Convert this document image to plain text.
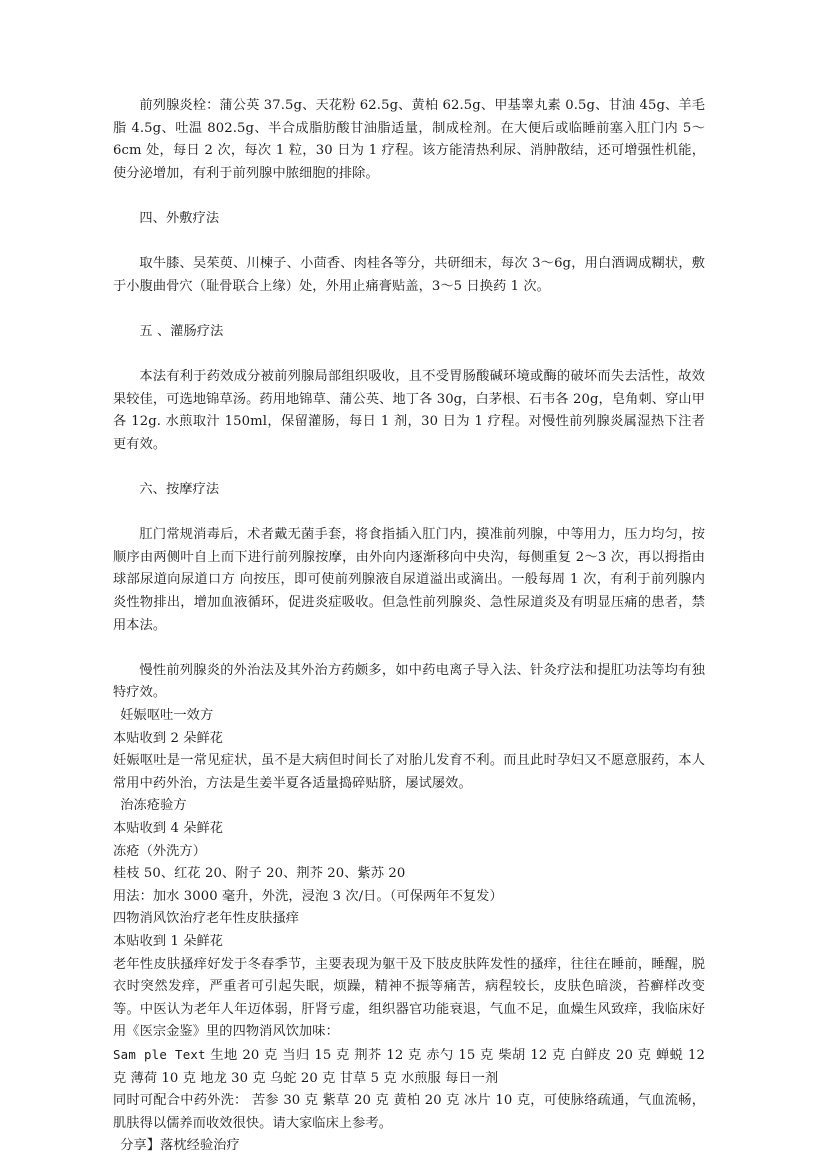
前列腺炎栓：蒲公英 37.5g、天花粉 62.5g、黄柏 62.5g、甲基睾丸素 0.5g、甘油 45g、羊毛脂 4.5g、吐温 802.5g、半合成脂肪酸甘油脂适量，制成栓剂。在大便后或临睡前塞入肛门内 5～6cm 处，每日 2 次，每次 1 粒，30 日为 1 疗程。该方能清热利尿、消肿散结，还可增强性机能，使分泌增加，有利于前列腺中脓细胞的排除。

四、外敷疗法

取牛膝、吴茱萸、川楝子、小茴香、肉桂各等分，共研细末，每次 3～6g，用白酒调成糊状，敷于小腹曲骨穴（耻骨联合上缘）处，外用止痛膏贴盖，3～5 日换药 1 次。

五 、灌肠疗法

本法有利于药效成分被前列腺局部组织吸收，且不受胃肠酸碱环境或酶的破坏而失去活性，故效果较佳，可选地锦草汤。药用地锦草、蒲公英、地丁各 30g，白茅根、石韦各 20g，皂角刺、穿山甲各 12g. 水煎取汁 150ml，保留灌肠，每日 1 剂，30 日为 1 疗程。对慢性前列腺炎属湿热下注者更有效。

六、按摩疗法

肛门常规消毒后，术者戴无菌手套，将食指插入肛门内，摸准前列腺，中等用力，压力均匀，按顺序由两侧叶自上而下进行前列腺按摩，由外向内逐渐移向中央沟，每侧重复 2～3 次，再以拇指由球部尿道向尿道口方 向按压，即可使前列腺液自尿道溢出或滴出。一般每周 1 次，有利于前列腺内炎性物排出，增加血液循环，促进炎症吸收。但急性前列腺炎、急性尿道炎及有明显压痛的患者，禁用本法。

慢性前列腺炎的外治法及其外治方药颇多，如中药电离子导入法、针灸疗法和提肛功法等均有独特疗效。

妊娠呕吐一效方

本贴收到 2 朵鲜花

妊娠呕吐是一常见症状，虽不是大病但时间长了对胎儿发育不利。而且此时孕妇又不愿意服药，本人常用中药外治，方法是生姜半夏各适量捣碎贴脐，屡试屡效。

治冻疮验方

本贴收到 4 朵鲜花

冻疮（外洗方）

桂枝 50、红花 20、附子 20、荆芥 20、紫苏 20

用法：加水 3000 毫升，外洗，浸泡 3 次/日。（可保两年不复发）

四物消风饮治疗老年性皮肤搔痒

本贴收到 1 朵鲜花

老年性皮肤搔痒好发于冬春季节，主要表现为躯干及下肢皮肤阵发性的搔痒，往往在睡前，睡醒，脱衣时突然发痒，严重者可引起失眠，烦躁，精神不振等痛苦，病程较长，皮肤色暗淡，苔癣样改变等。中医认为老年人年迈体弱，肝肾亏虚，组织器官功能衰退，气血不足，血燥生风致痒，我临床好用《医宗金鉴》里的四物消风饮加味：

Sam ple Text 生地 20 克 当归 15 克 荆芥 12 克 赤勺 15 克 柴胡 12 克 白鲜皮 20 克 蝉蜕 12 克 薄荷 10 克 地龙 30 克 乌蛇 20 克 甘草 5 克 水煎服 每日一剂

同时可配合中药外洗： 苦参 30 克 紫草 20 克 黄柏 20 克 冰片 10 克，可使脉络疏通，气血流畅，肌肤得以儒养而收效很快。请大家临床上参考。

分享】落枕经验治疗
